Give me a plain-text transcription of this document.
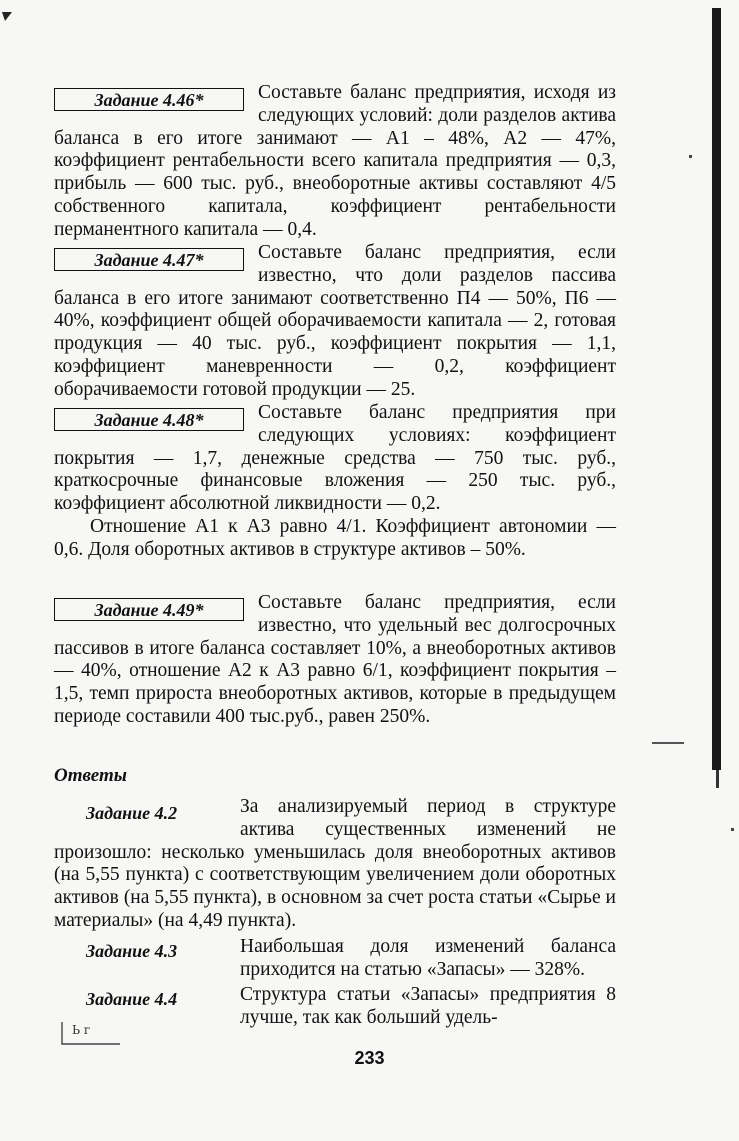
Задание 4.46*	Составьте баланс предприятия, исходя из следующих условий: доли разделов актива баланса в его итоге занимают — А1 – 48%, А2 — 47%, коэффициент рентабельности всего капитала предприятия — 0,3, прибыль — 600 тыс. руб., внеоборотные активы составляют 4/5 собственного капитала, коэффициент рентабельности перманентного капитала — 0,4.

Задание 4.47*	Составьте баланс предприятия, если известно, что доли разделов пассива баланса в его итоге занимают соответственно П4 — 50%, П6 — 40%, коэффициент общей оборачиваемости капитала — 2, готовая продукция — 40 тыс. руб., коэффициент покрытия — 1,1, коэффициент маневренности — 0,2, коэффициент оборачиваемости готовой продукции — 25.

Задание 4.48*	Составьте баланс предприятия при следующих условиях: коэффициент покрытия — 1,7, денежные средства — 750 тыс. руб., краткосрочные финансовые вложения — 250 тыс. руб., коэффициент абсолютной ликвидности — 0,2.

Отношение А1 к А3 равно 4/1. Коэффициент автономии — 0,6. Доля оборотных активов в структуре активов – 50%.

Задание 4.49*	Составьте баланс предприятия, если известно, что удельный вес долгосрочных пассивов в итоге баланса составляет 10%, а внеоборотных активов — 40%, отношение А2 к А3 равно 6/1, коэффициент покрытия – 1,5, темп прироста внеоборотных активов, которые в предыдущем периоде составили 400 тыс.руб., равен 250%.

Ответы
Задание 4.2	За анализируемый период в структуре актива существенных изменений не произошло: несколько уменьшилась доля внеоборотных активов (на 5,55 пункта) с соответствующим увеличением доли оборотных активов (на 5,55 пункта), в основном за счет роста статьи «Сырье и материалы» (на 4,49 пункта).

Задание 4.3	Наибольшая доля изменений баланса приходится на статью «Запасы» — 328%.
Задание 4.4	Структура статьи «Запасы» предприятия 8 лучше, так как больший удель-
Ь г
233
